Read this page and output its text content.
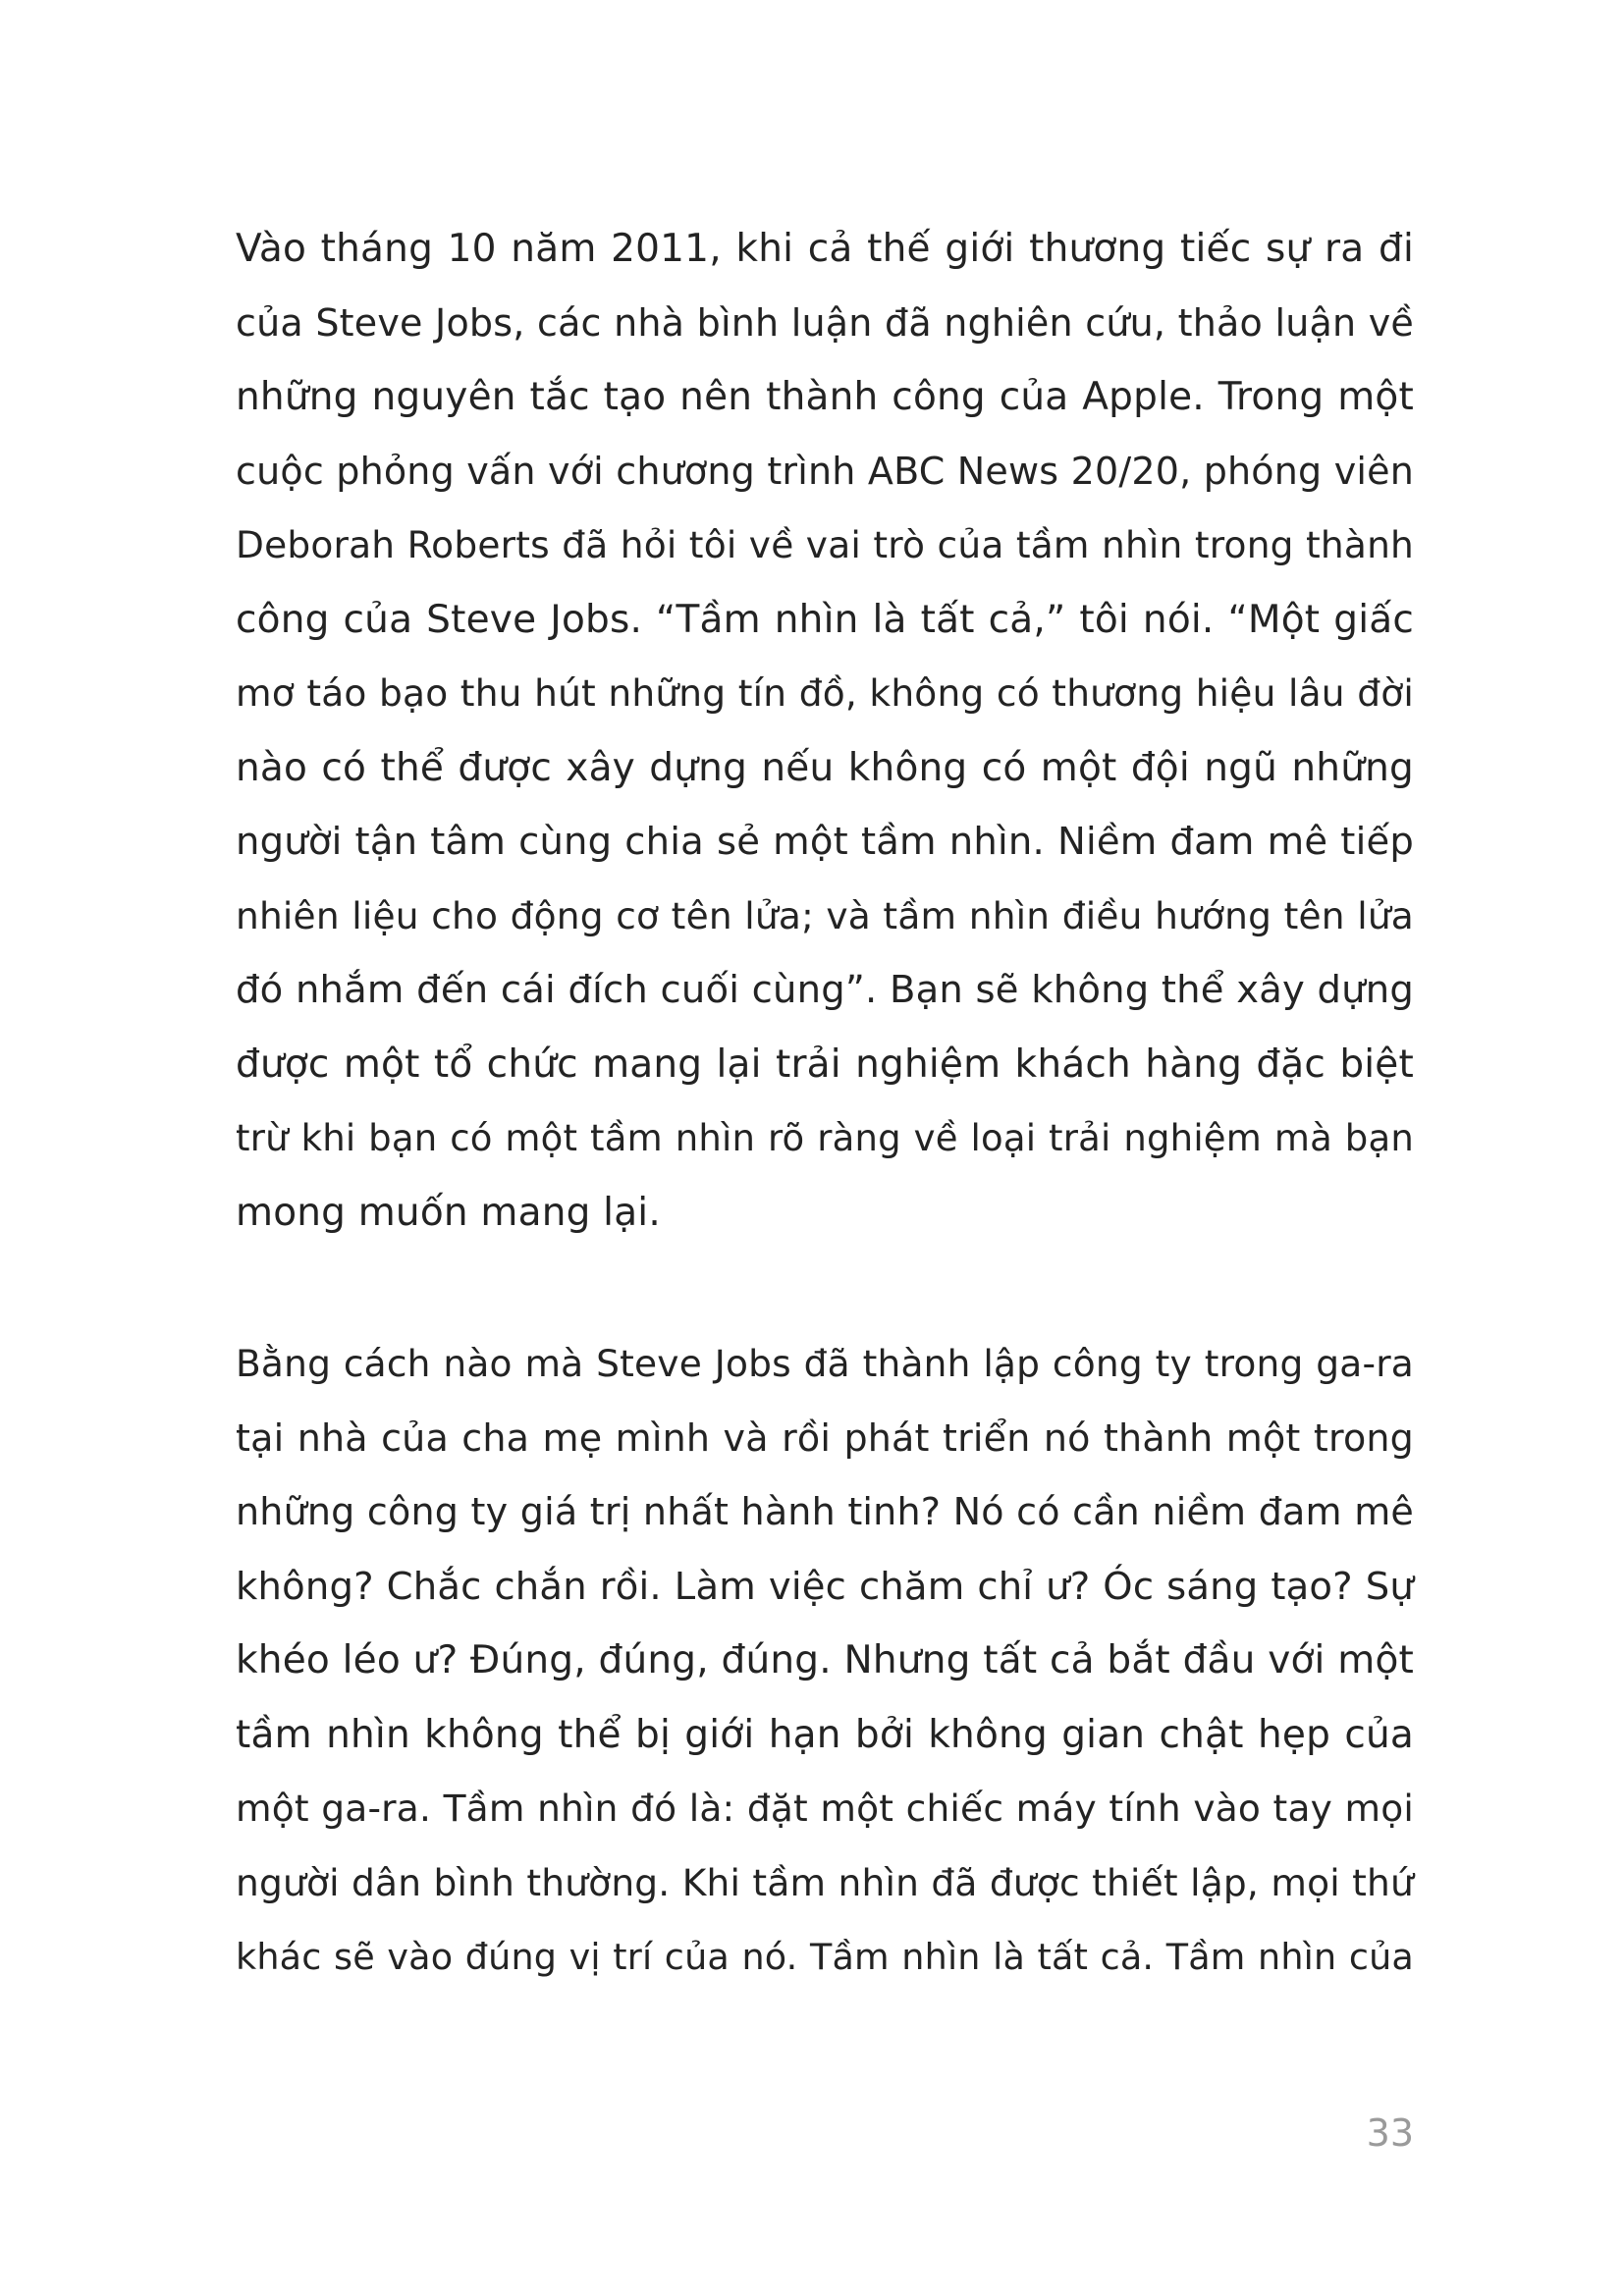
Vào tháng 10 năm 2011, khi cả thế giới thương tiếc sự ra đi
của Steve Jobs, các nhà bình luận đã nghiên cứu, thảo luận về
những nguyên tắc tạo nên thành công của Apple. Trong một
cuộc phỏng vấn với chương trình ABC News 20/20, phóng viên
Deborah Roberts đã hỏi tôi về vai trò của tầm nhìn trong thành
công của Steve Jobs. “Tầm nhìn là tất cả,” tôi nói. “Một giấc
mơ táo bạo thu hút những tín đồ, không có thương hiệu lâu đời
nào có thể được xây dựng nếu không có một đội ngũ những
người tận tâm cùng chia sẻ một tầm nhìn. Niềm đam mê tiếp
nhiên liệu cho động cơ tên lửa; và tầm nhìn điều hướng tên lửa
đó nhắm đến cái đích cuối cùng”. Bạn sẽ không thể xây dựng
được một tổ chức mang lại trải nghiệm khách hàng đặc biệt
trừ khi bạn có một tầm nhìn rõ ràng về loại trải nghiệm mà bạn
mong muốn mang lại.
Bằng cách nào mà Steve Jobs đã thành lập công ty trong ga-ra
tại nhà của cha mẹ mình và rồi phát triển nó thành một trong
những công ty giá trị nhất hành tinh? Nó có cần niềm đam mê
không? Chắc chắn rồi. Làm việc chăm chỉ ư? Óc sáng tạo? Sự
khéo léo ư? Đúng, đúng, đúng. Nhưng tất cả bắt đầu với một
tầm nhìn không thể bị giới hạn bởi không gian chật hẹp của
một ga-ra. Tầm nhìn đó là: đặt một chiếc máy tính vào tay mọi
người dân bình thường. Khi tầm nhìn đã được thiết lập, mọi thứ
khác sẽ vào đúng vị trí của nó. Tầm nhìn là tất cả. Tầm nhìn của
33
